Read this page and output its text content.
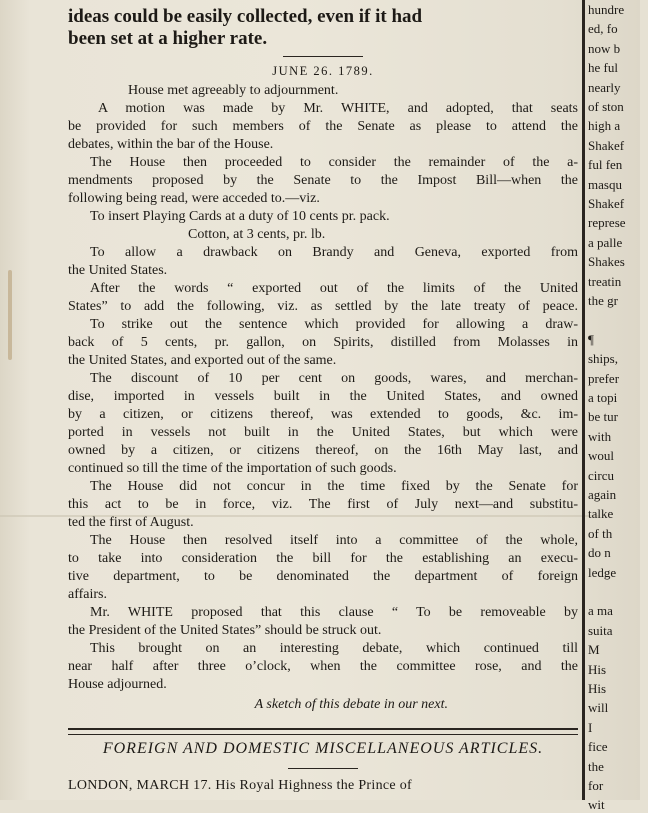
ideas could be easily collected, even if it had
been set at a higher rate.
JUNE 26. 1789.
House met agreeably to adjournment.
A motion was made by Mr. WHITE, and adopted, that seats
be provided for such members of the Senate as please to attend the
debates, within the bar of the House.
The House then proceeded to consider the remainder of the a-
mendments proposed by the Senate to the Impost Bill—when the
following being read, were acceded to.—viz.
To insert Playing Cards at a duty of 10 cents pr. pack.
Cotton, at 3 cents, pr. lb.
To allow a drawback on Brandy and Geneva, exported from
the United States.
After the words “ exported out of the limits of the United
States” to add the following, viz. as settled by the late treaty of peace.
To strike out the sentence which provided for allowing a draw-
back of 5 cents, pr. gallon, on Spirits, distilled from Molasses in
the United States, and exported out of the same.
The discount of 10 per cent on goods, wares, and merchan-
dise, imported in vessels built in the United States, and owned
by a citizen, or citizens thereof, was extended to goods, &c. im-
ported in vessels not built in the United States, but which were
owned by a citizen, or citizens thereof, on the 16th May last, and
continued so till the time of the importation of such goods.
The House did not concur in the time fixed by the Senate for
this act to be in force, viz. The first of July next—and substitu-
ted the first of August.
The House then resolved itself into a committee of the whole,
to take into consideration the bill for the establishing an execu-
tive department, to be denominated the department of foreign
affairs.
Mr. WHITE proposed that this clause “ To be removeable by
the President of the United States” should be struck out.
This brought on an interesting debate, which continued till
near half after three o’clock, when the committee rose, and the
House adjourned.
A sketch of this debate in our next.
FOREIGN AND DOMESTIC MISCELLANEOUS ARTICLES.
LONDON, MARCH 17. His Royal Highness the Prince of
hundre
ed, fo
now b
he ful
nearly
of ston
high a
Shakef
ful fen
masqu
Shakef
represe
a palle
Shakes
treatin
the gr
¶
ships,
prefer
a topi
be tur
with
woul
circu
again
talke
of th
do n
ledge
a ma
suita
M
His
His
will
I
fice
the
for
wit
